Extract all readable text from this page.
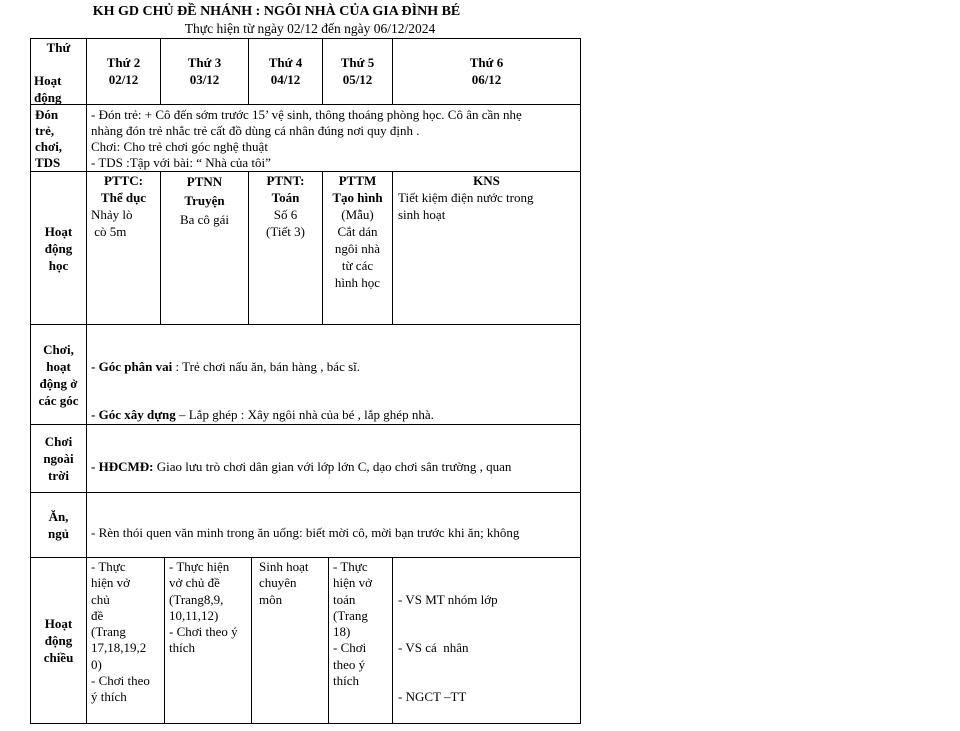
KH GD CHỦ ĐỀ NHÁNH : NGÔI NHÀ CỦA GIA ĐÌNH BÉ
Thực hiện từ ngày 02/12 đến ngày 06/12/2024
Thứ
Hoạt
động
Thứ 2
02/12
Thứ 3
03/12
Thứ 4
04/12
Thứ 5
05/12
Thứ 6
06/12
Đón
trẻ,
chơi,
TDS
- Đón trẻ: + Cô đến sớm trước 15’ vệ sinh, thông thoáng phòng học. Cô ân cần nhẹ
nhàng đón trẻ nhắc trẻ cất đồ dùng cá nhân đúng nơi quy định .
Chơi: Cho trẻ chơi góc nghệ thuật
- TDS :Tập với bài: “ Nhà của tôi”
Hoạt
động
học
PTTC:
Thể dục
Nhảy lò
cò 5m
PTNN
Truyện
Ba cô gái
PTNT:
Toán
Số 6
(Tiết 3)
PTTM
Tạo hình
(Mẫu)
Cắt dán
ngôi nhà
từ các
hình học
KNS
Tiết kiệm điện nước trong
sinh hoạt
Chơi,
hoạt
động ở
các góc

- Góc phân vai : Trẻ chơi nấu ăn, bán hàng , bác sĩ.

- Góc xây dựng – Lắp ghép : Xây ngôi nhà của bé , lắp ghép nhà.

Chơi
ngoài
trời

- HĐCMĐ: Giao lưu trò chơi dân gian với lớp lớn C, dạo chơi sân trường , quan

Ăn,
ngủ

- Rèn thói quen văn minh trong ăn uống: biết mời cô, mời bạn trước khi ăn; không

Hoạt
động
chiều
- Thực
hiện vở
chủ
đề
(Trang
17,18,19,2
0)
- Chơi theo
ý thích
- Thực hiện
vở chủ đề
(Trang8,9,
10,11,12)
- Chơi theo ý
thích
Sinh hoạt
chuyên
môn
- Thực
hiện vở
toán
(Trang
18)
- Chơi
theo ý
thích

- VS MT nhóm lớp

- VS cá  nhân

- NGCT –TT
